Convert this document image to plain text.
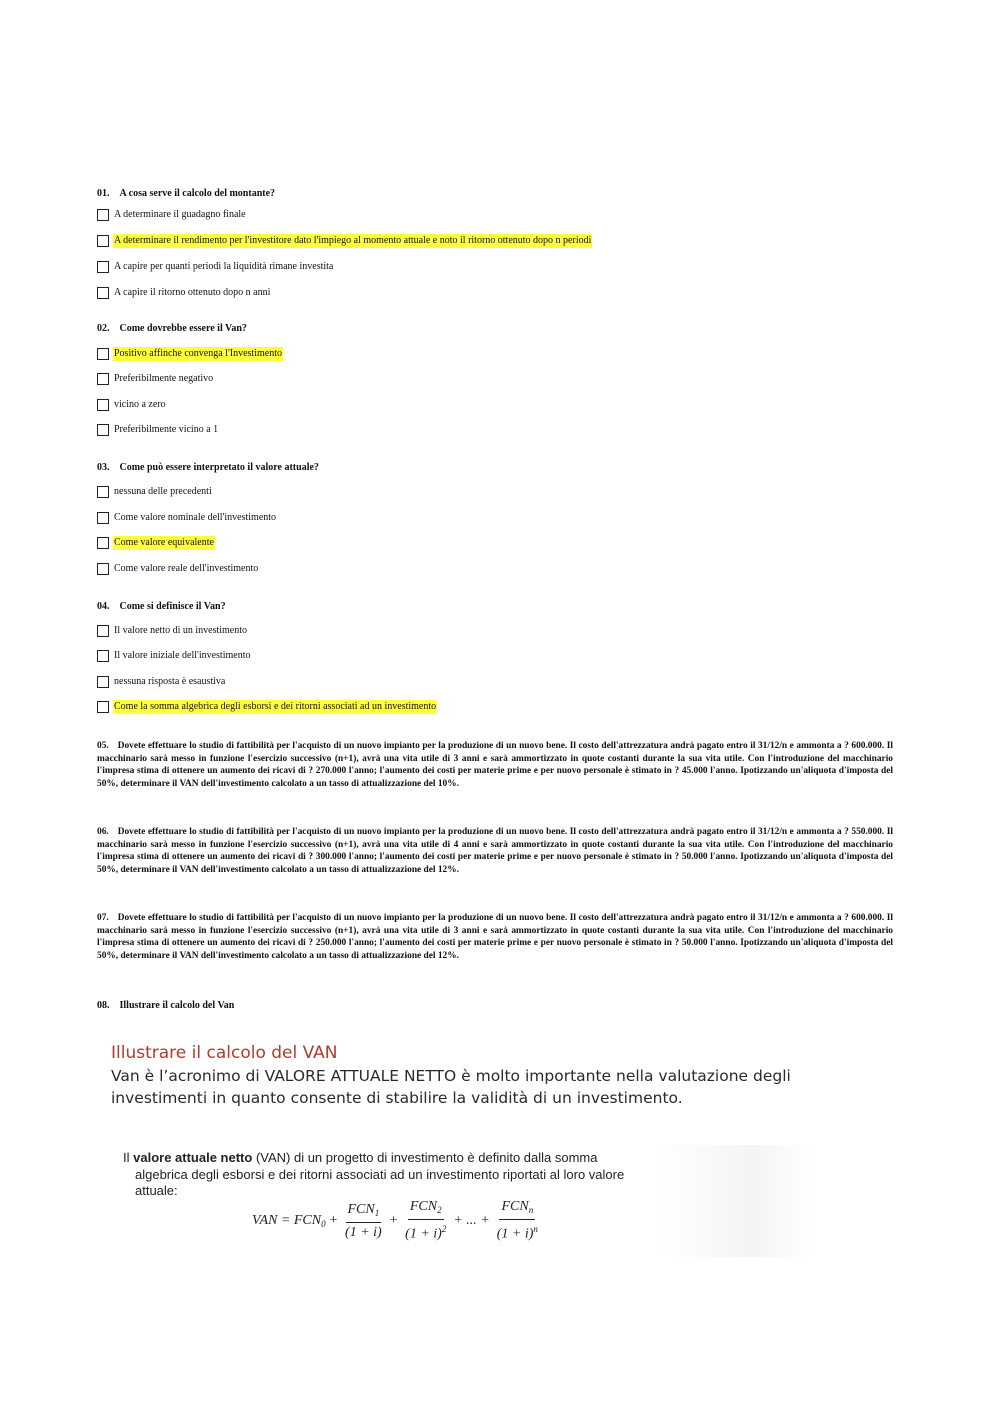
01. A cosa serve il calcolo del montante?

A determinare il guadagno finale
A determinare il rendimento per l'investitore dato l'impiego al momento attuale e noto il ritorno ottenuto dopo n periodi
A capire per quanti periodi la liquidità rimane investita
A capire il ritorno ottenuto dopo n anni

02. Come dovrebbe essere il Van?

Positivo affinche convenga l'Investimento
Preferibilmente negativo
vicino a zero
Preferibilmente vicino a 1

03. Come può essere interpretato il valore attuale?

nessuna delle precedenti
Come valore nominale dell'investimento
Come valore equivalente
Come valore reale dell'investimento

04. Come si definisce il Van?

Il valore netto di un investimento
Il valore iniziale dell'investimento
nessuna risposta è esaustiva
Come la somma algebrica degli esborsi e dei ritorni associati ad un investimento

05. Dovete effettuare lo studio di fattibilità per l'acquisto di un nuovo impianto per la produzione di un nuovo bene. Il costo dell'attrezzatura andrà pagato entro il 31/12/n e ammonta a ? 600.000. Il macchinario sarà messo in funzione l'esercizio successivo (n+1), avrà una vita utile di 3 anni e sarà ammortizzato in quote costanti durante la sua vita utile. Con l'introduzione del macchinario l'impresa stima di ottenere un aumento dei ricavi di ? 270.000 l'anno; l'aumento dei costi per materie prime e per nuovo personale è stimato in ? 45.000 l'anno. Ipotizzando un'aliquota d'imposta del 50%, determinare il VAN dell'investimento calcolato a un tasso di attualizzazione del 10%.

06. Dovete effettuare lo studio di fattibilità per l'acquisto di un nuovo impianto per la produzione di un nuovo bene. Il costo dell'attrezzatura andrà pagato entro il 31/12/n e ammonta a ? 550.000. Il macchinario sarà messo in funzione l'esercizio successivo (n+1), avrà una vita utile di 4 anni e sarà ammortizzato in quote costanti durante la sua vita utile. Con l'introduzione del macchinario l'impresa stima di ottenere un aumento dei ricavi di ? 300.000 l'anno; l'aumento dei costi per materie prime e per nuovo personale è stimato in ? 50.000 l'anno. Ipotizzando un'aliquota d'imposta del 50%, determinare il VAN dell'investimento calcolato a un tasso di attualizzazione del 12%.

07. Dovete effettuare lo studio di fattibilità per l'acquisto di un nuovo impianto per la produzione di un nuovo bene. Il costo dell'attrezzatura andrà pagato entro il 31/12/n e ammonta a ? 600.000. Il macchinario sarà messo in funzione l'esercizio successivo (n+1), avrà una vita utile di 3 anni e sarà ammortizzato in quote costanti durante la sua vita utile. Con l'introduzione del macchinario l'impresa stima di ottenere un aumento dei ricavi di ? 250.000 l'anno; l'aumento dei costi per materie prime e per nuovo personale è stimato in ? 50.000 l'anno. Ipotizzando un'aliquota d'imposta del 50%, determinare il VAN dell'investimento calcolato a un tasso di attualizzazione del 12%.

08. Illustrare il calcolo del Van

Illustrare il calcolo del VAN

Van è l’acronimo di VALORE ATTUALE NETTO è molto importante nella valutazione degli investimenti in quanto consente di stabilire la validità di un investimento.

Il valore attuale netto (VAN) di un progetto di investimento è definito dalla somma
algebrica degli esborsi e dei ritorni associati ad un investimento riportati al loro valore
attuale:
VAN = $FCN_0 + \frac{FCN_1}{(1 + i)} + \frac{FCN_2}{(1 + i)^2}$ + ... + $\frac{FCN_n}{(1 + i)^n}$
